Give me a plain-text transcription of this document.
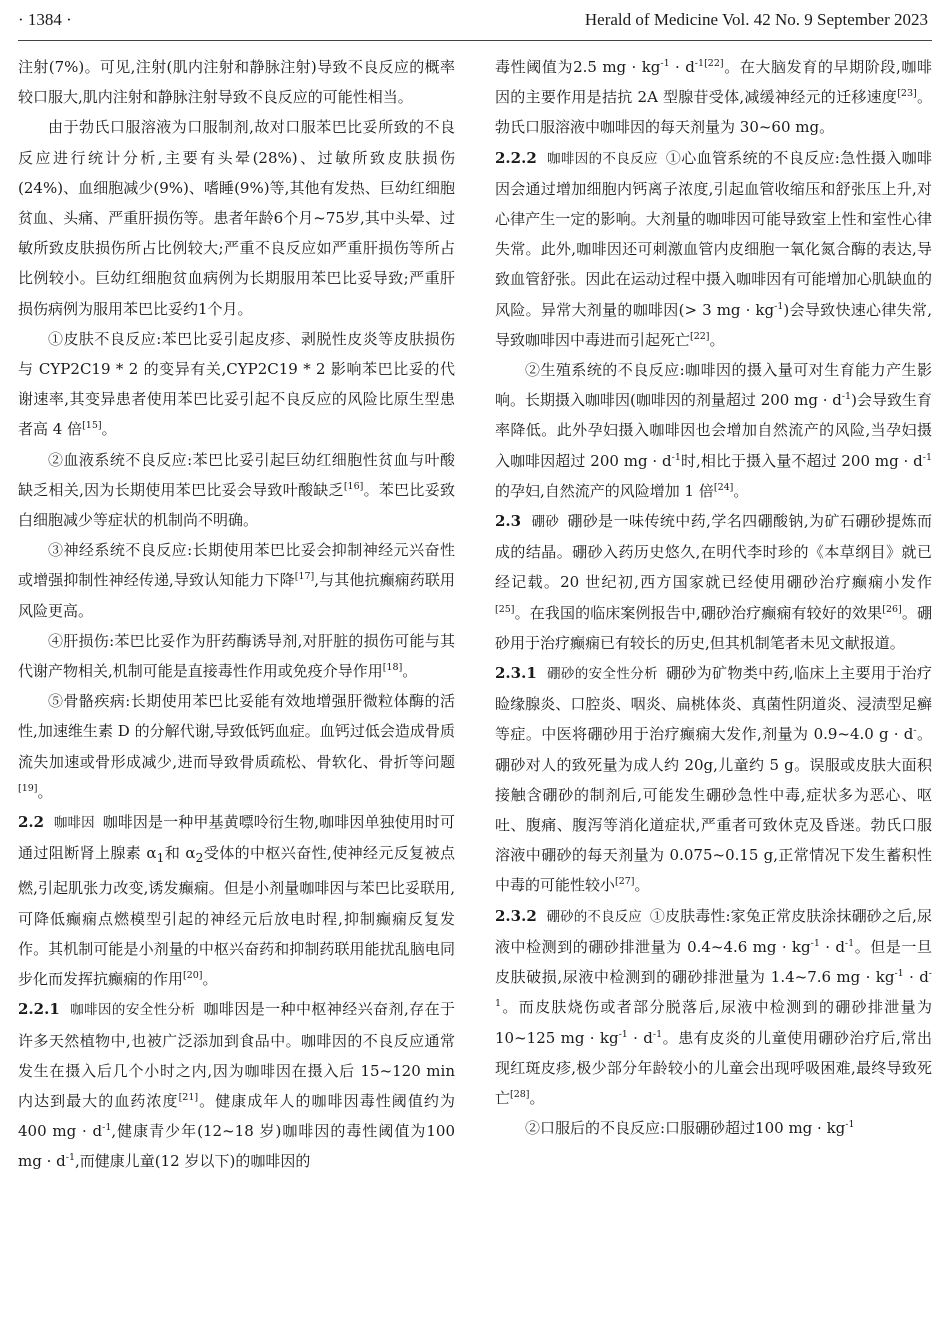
· 1384 ·	Herald of Medicine Vol. 42 No. 9 September 2023

注射(7%)。可见,注射(肌内注射和静脉注射)导致不良反应的概率较口服大,肌内注射和静脉注射导致不良反应的可能性相当。

由于勃氏口服溶液为口服制剂,故对口服苯巴比妥所致的不良反应进行统计分析,主要有头晕(28%)、过敏所致皮肤损伤(24%)、血细胞减少(9%)、嗜睡(9%)等,其他有发热、巨幼红细胞贫血、头痛、严重肝损伤等。患者年龄6个月~75岁,其中头晕、过敏所致皮肤损伤所占比例较大;严重不良反应如严重肝损伤等所占比例较小。巨幼红细胞贫血病例为长期服用苯巴比妥导致;严重肝损伤病例为服用苯巴比妥约1个月。

①皮肤不良反应:苯巴比妥引起皮疹、剥脱性皮炎等皮肤损伤与 CYP2C19 * 2 的变异有关,CYP2C19 * 2 影响苯巴比妥的代谢速率,其变异患者使用苯巴比妥引起不良反应的风险比原生型患者高 4 倍[15]。

②血液系统不良反应:苯巴比妥引起巨幼红细胞性贫血与叶酸缺乏相关,因为长期使用苯巴比妥会导致叶酸缺乏[16]。苯巴比妥致白细胞减少等症状的机制尚不明确。

③神经系统不良反应:长期使用苯巴比妥会抑制神经元兴奋性或增强抑制性神经传递,导致认知能力下降[17],与其他抗癫痫药联用风险更高。

④肝损伤:苯巴比妥作为肝药酶诱导剂,对肝脏的损伤可能与其代谢产物相关,机制可能是直接毒性作用或免疫介导作用[18]。

⑤骨骼疾病:长期使用苯巴比妥能有效地增强肝微粒体酶的活性,加速维生素 D 的分解代谢,导致低钙血症。血钙过低会造成骨质流失加速或骨形成减少,进而导致骨质疏松、骨软化、骨折等问题[19]。

2.2 咖啡因 咖啡因是一种甲基黄嘌呤衍生物,咖啡因单独使用时可通过阻断肾上腺素 $\alpha_1$和 $\alpha_2$受体的中枢兴奋性,使神经元反复被点燃,引起肌张力改变,诱发癫痫。但是小剂量咖啡因与苯巴比妥联用,可降低癫痫点燃模型引起的神经元后放电时程,抑制癫痫反复发作。其机制可能是小剂量的中枢兴奋药和抑制药联用能扰乱脑电同步化而发挥抗癫痫的作用[20]。

2.2.1 咖啡因的安全性分析 咖啡因是一种中枢神经兴奋剂,存在于许多天然植物中,也被广泛添加到食品中。咖啡因的不良反应通常发生在摄入后几个小时之内,因为咖啡因在摄入后 15~120 min 内达到最大的血药浓度[21]。健康成年人的咖啡因毒性阈值约为 400 mg · $d^{-1}$,健康青少年(12~18 岁)咖啡因的毒性阈值为100 mg · $d^{-1}$,而健康儿童(12 岁以下)的咖啡因的

毒性阈值为2.5 mg · $kg^{-1} \cdot d^{-1[22]}$。在大脑发育的早期阶段,咖啡因的主要作用是拮抗 2A 型腺苷受体,减缓神经元的迁移速度[23]。勃氏口服溶液中咖啡因的每天剂量为 30~60 mg。

2.2.2 咖啡因的不良反应 ①心血管系统的不良反应:急性摄入咖啡因会通过增加细胞内钙离子浓度,引起血管收缩压和舒张压上升,对心律产生一定的影响。大剂量的咖啡因可能导致室上性和室性心律失常。此外,咖啡因还可刺激血管内皮细胞一氧化氮合酶的表达,导致血管舒张。因此在运动过程中摄入咖啡因有可能增加心肌缺血的风险。异常大剂量的咖啡因(> 3 mg · $kg^{-1}$)会导致快速心律失常,导致咖啡因中毒进而引起死亡[22]。

②生殖系统的不良反应:咖啡因的摄入量可对生育能力产生影响。长期摄入咖啡因(咖啡因的剂量超过 200 mg · $d^{-1}$)会导致生育率降低。此外孕妇摄入咖啡因也会增加自然流产的风险,当孕妇摄入咖啡因超过 200 mg · $d^{-1}$时,相比于摄入量不超过 200 mg · $d^{-1}$的孕妇,自然流产的风险增加 1 倍[24]。

2.3 硼砂 硼砂是一味传统中药,学名四硼酸钠,为矿石硼砂提炼而成的结晶。硼砂入药历史悠久,在明代李时珍的《本草纲目》就已经记载。20 世纪初,西方国家就已经使用硼砂治疗癫痫小发作[25]。在我国的临床案例报告中,硼砂治疗癫痫有较好的效果[26]。硼砂用于治疗癫痫已有较长的历史,但其机制笔者未见文献报道。

2.3.1 硼砂的安全性分析 硼砂为矿物类中药,临床上主要用于治疗睑缘腺炎、口腔炎、咽炎、扁桃体炎、真菌性阴道炎、浸渍型足癣等症。中医将硼砂用于治疗癫痫大发作,剂量为 0.9~4.0 g · d-。硼砂对人的致死量为成人约 20g,儿童约 5 g。误服或皮肤大面积接触含硼砂的制剂后,可能发生硼砂急性中毒,症状多为恶心、呕吐、腹痛、腹泻等消化道症状,严重者可致休克及昏迷。勃氏口服溶液中硼砂的每天剂量为 0.075~0.15 g,正常情况下发生蓄积性中毒的可能性较小[27]。

2.3.2 硼砂的不良反应 ①皮肤毒性:家兔正常皮肤涂抹硼砂之后,尿液中检测到的硼砂排泄量为 0.4~4.6 mg · $kg^{-1} \cdot d^{-1}$。但是一旦皮肤破损,尿液中检测到的硼砂排泄量为 1.4~7.6 mg · $kg^{-1} \cdot d^{-1}$。而皮肤烧伤或者部分脱落后,尿液中检测到的硼砂排泄量为 10~125 mg · $kg^{-1} \cdot d^{-1}$。患有皮炎的儿童使用硼砂治疗后,常出现红斑皮疹,极少部分年龄较小的儿童会出现呼吸困难,最终导致死亡[28]。

②口服后的不良反应:口服硼砂超过100 mg · $kg^{-1}$
